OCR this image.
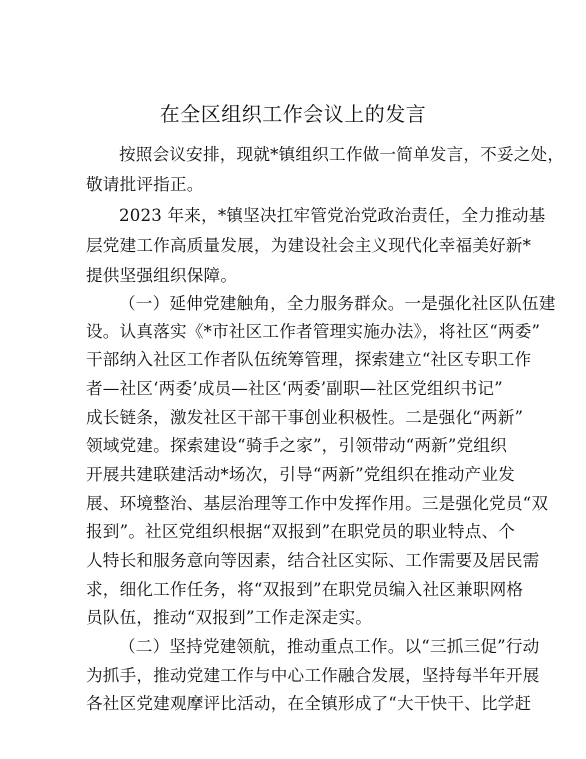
在全区组织工作会议上的发言
按照会议安排，现就*镇组织工作做一简单发言，不妥之处，
敬请批评指正。
2023 年来，*镇坚决扛牢管党治党政治责任，全力推动基
层党建工作高质量发展，为建设社会主义现代化幸福美好新*
提供坚强组织保障。
（一）延伸党建触角，全力服务群众。一是强化社区队伍建
设。认真落实《*市社区工作者管理实施办法》，将社区“两委”
干部纳入社区工作者队伍统筹管理，探索建立“社区专职工作
者—社区‘两委’成员—社区‘两委’副职—社区党组织书记”
成长链条，激发社区干部干事创业积极性。二是强化“两新”
领域党建。探索建设“骑手之家”，引领带动“两新”党组织
开展共建联建活动*场次，引导“两新”党组织在推动产业发
展、环境整治、基层治理等工作中发挥作用。三是强化党员“双
报到”。社区党组织根据“双报到”在职党员的职业特点、个
人特长和服务意向等因素，结合社区实际、工作需要及居民需
求，细化工作任务，将“双报到”在职党员编入社区兼职网格
员队伍，推动“双报到”工作走深走实。
（二）坚持党建领航，推动重点工作。以“三抓三促”行动
为抓手，推动党建工作与中心工作融合发展，坚持每半年开展
各社区党建观摩评比活动，在全镇形成了“大干快干、比学赶
